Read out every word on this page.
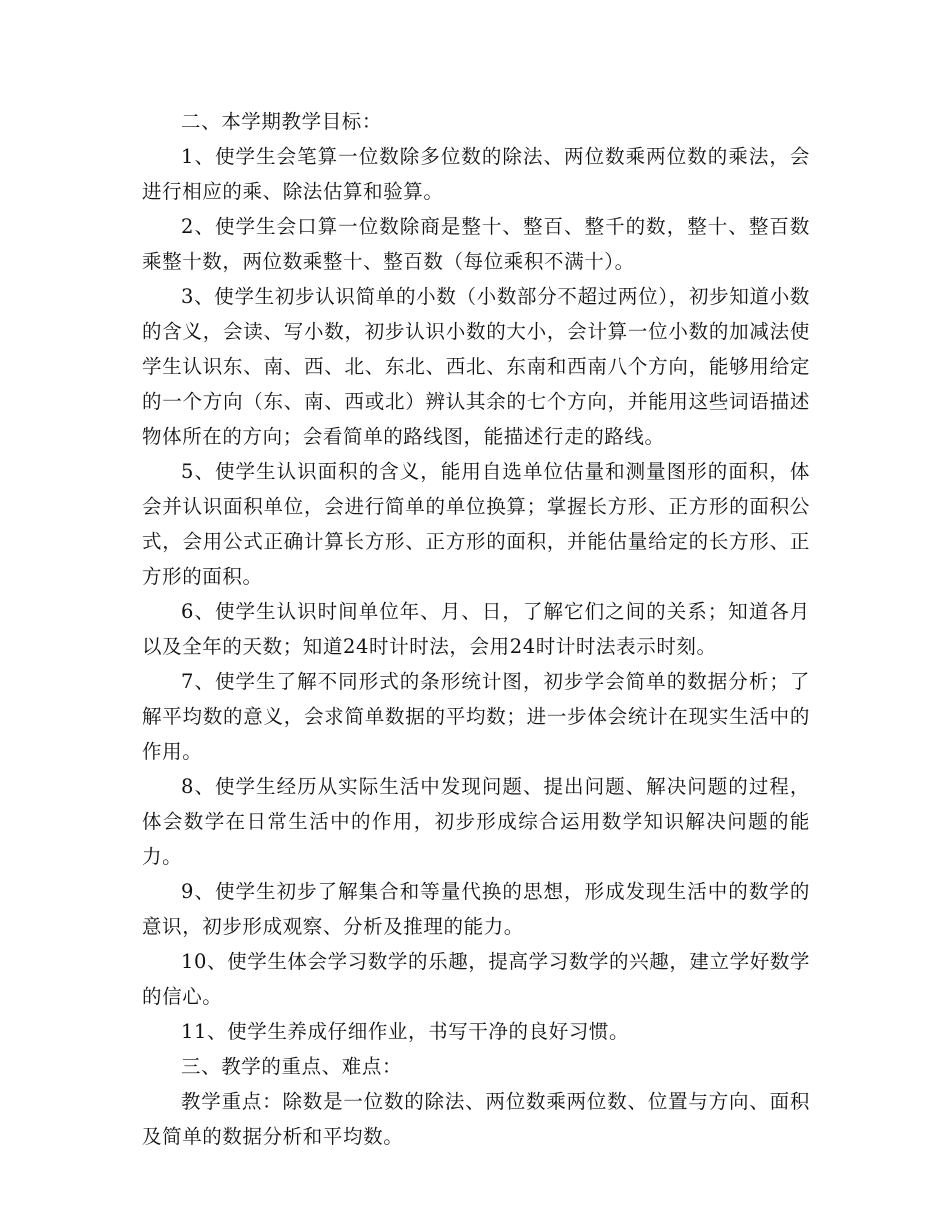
二、本学期教学目标：

1、使学生会笔算一位数除多位数的除法、两位数乘两位数的乘法，会进行相应的乘、除法估算和验算。

2、使学生会口算一位数除商是整十、整百、整千的数，整十、整百数乘整十数，两位数乘整十、整百数（每位乘积不满十）。

3、使学生初步认识简单的小数（小数部分不超过两位），初步知道小数的含义，会读、写小数，初步认识小数的大小，会计算一位小数的加减法使学生认识东、南、西、北、东北、西北、东南和西南八个方向，能够用给定的一个方向（东、南、西或北）辨认其余的七个方向，并能用这些词语描述物体所在的方向；会看简单的路线图，能描述行走的路线。

5、使学生认识面积的含义，能用自选单位估量和测量图形的面积，体会并认识面积单位，会进行简单的单位换算；掌握长方形、正方形的面积公式，会用公式正确计算长方形、正方形的面积，并能估量给定的长方形、正方形的面积。

6、使学生认识时间单位年、月、日，了解它们之间的关系；知道各月以及全年的天数；知道24时计时法，会用24时计时法表示时刻。

7、使学生了解不同形式的条形统计图，初步学会简单的数据分析；了解平均数的意义，会求简单数据的平均数；进一步体会统计在现实生活中的作用。

8、使学生经历从实际生活中发现问题、提出问题、解决问题的过程，体会数学在日常生活中的作用，初步形成综合运用数学知识解决问题的能力。

9、使学生初步了解集合和等量代换的思想，形成发现生活中的数学的意识，初步形成观察、分析及推理的能力。

10、使学生体会学习数学的乐趣，提高学习数学的兴趣，建立学好数学的信心。

11、使学生养成仔细作业，书写干净的良好习惯。

三、教学的重点、难点：

教学重点：除数是一位数的除法、两位数乘两位数、位置与方向、面积及简单的数据分析和平均数。
